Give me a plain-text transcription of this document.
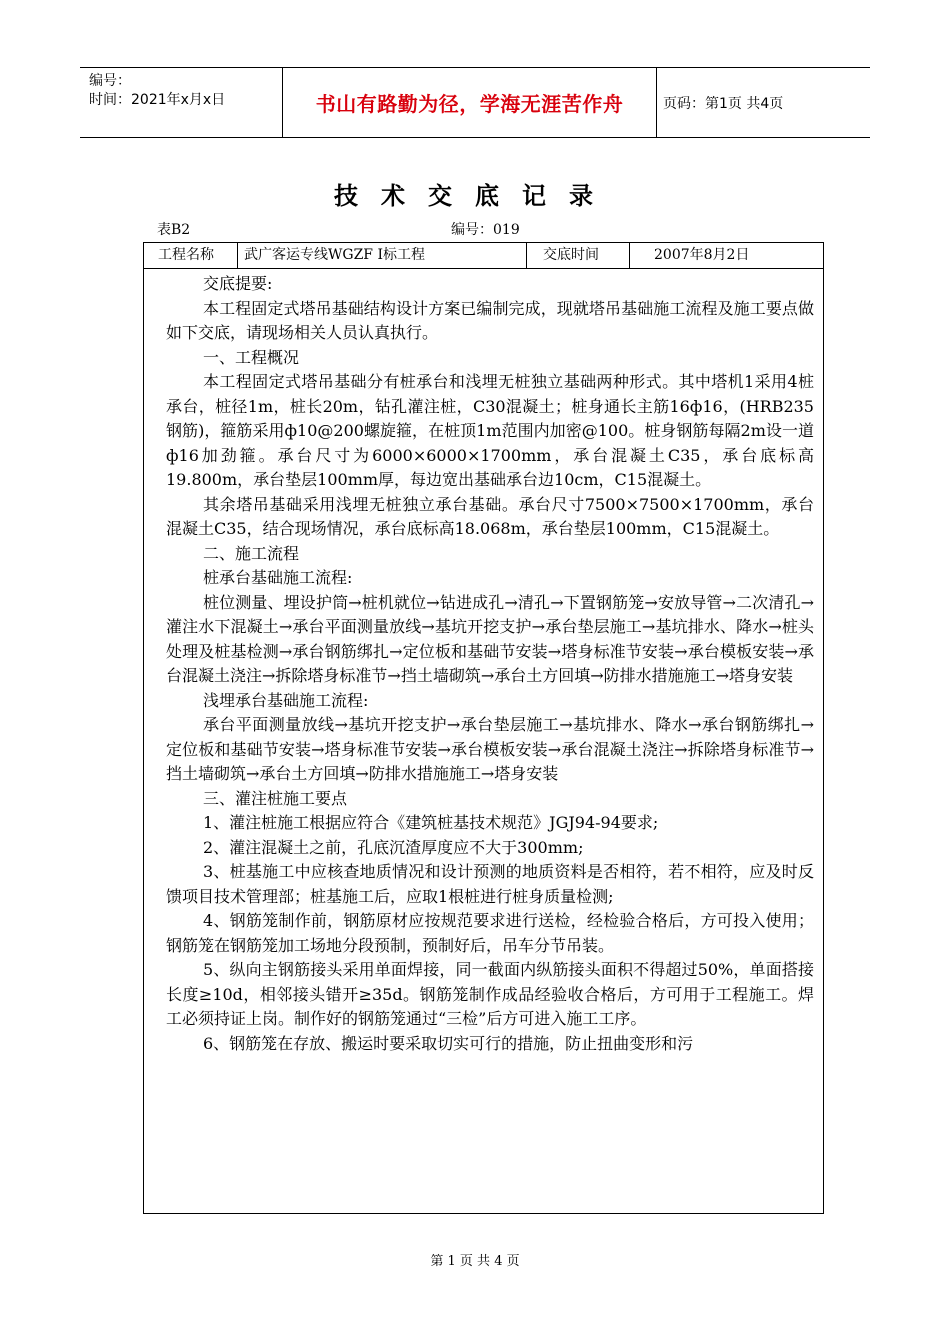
编号：
时间：2021年x月x日	书山有路勤为径，学海无涯苦作舟	页码：第1页 共4页
技术交底记录
表B2	编号：019
工程名称	武广客运专线WGZF I标工程	交底时间	2007年8月2日

交底提要:

本工程固定式塔吊基础结构设计方案已编制完成，现就塔吊基础施工流程及施工要点做如下交底，请现场相关人员认真执行。

一、工程概况

本工程固定式塔吊基础分有桩承台和浅埋无桩独立基础两种形式。其中塔机1采用4桩承台，桩径1m，桩长20m，钻孔灌注桩，C30混凝土；桩身通长主筋16ф16，(HRB235钢筋)，箍筋采用ф10@200螺旋箍，在桩顶1m范围内加密@100。桩身钢筋每隔2m设一道ф16加劲箍。承台尺寸为6000×6000×1700mm，承台混凝土C35，承台底标高19.800m，承台垫层100mm厚，每边宽出基础承台边10cm，C15混凝土。

其余塔吊基础采用浅埋无桩独立承台基础。承台尺寸7500×7500×1700mm，承台混凝土C35，结合现场情况，承台底标高18.068m，承台垫层100mm，C15混凝土。

二、施工流程

桩承台基础施工流程:

桩位测量、埋设护筒→桩机就位→钻进成孔→清孔→下置钢筋笼→安放导管→二次清孔→灌注水下混凝土→承台平面测量放线→基坑开挖支护→承台垫层施工→基坑排水、降水→桩头处理及桩基检测→承台钢筋绑扎→定位板和基础节安装→塔身标准节安装→承台模板安装→承台混凝土浇注→拆除塔身标准节→挡土墙砌筑→承台土方回填→防排水措施施工→塔身安装

浅埋承台基础施工流程:

承台平面测量放线→基坑开挖支护→承台垫层施工→基坑排水、降水→承台钢筋绑扎→定位板和基础节安装→塔身标准节安装→承台模板安装→承台混凝土浇注→拆除塔身标准节→挡土墙砌筑→承台土方回填→防排水措施施工→塔身安装

三、灌注桩施工要点

1、灌注桩施工根据应符合《建筑桩基技术规范》JGJ94-94要求;

2、灌注混凝土之前，孔底沉渣厚度应不大于300mm;

3、桩基施工中应核查地质情况和设计预测的地质资料是否相符，若不相符，应及时反馈项目技术管理部；桩基施工后，应取1根桩进行桩身质量检测;

4、钢筋笼制作前，钢筋原材应按规范要求进行送检，经检验合格后，方可投入使用；钢筋笼在钢筋笼加工场地分段预制，预制好后，吊车分节吊装。

5、纵向主钢筋接头采用单面焊接，同一截面内纵筋接头面积不得超过50%，单面搭接长度≥10d，相邻接头错开≥35d。钢筋笼制作成品经验收合格后，方可用于工程施工。焊工必须持证上岗。制作好的钢筋笼通过“三检”后方可进入施工工序。

6、钢筋笼在存放、搬运时要采取切实可行的措施，防止扭曲变形和污

第 1 页 共 4 页
